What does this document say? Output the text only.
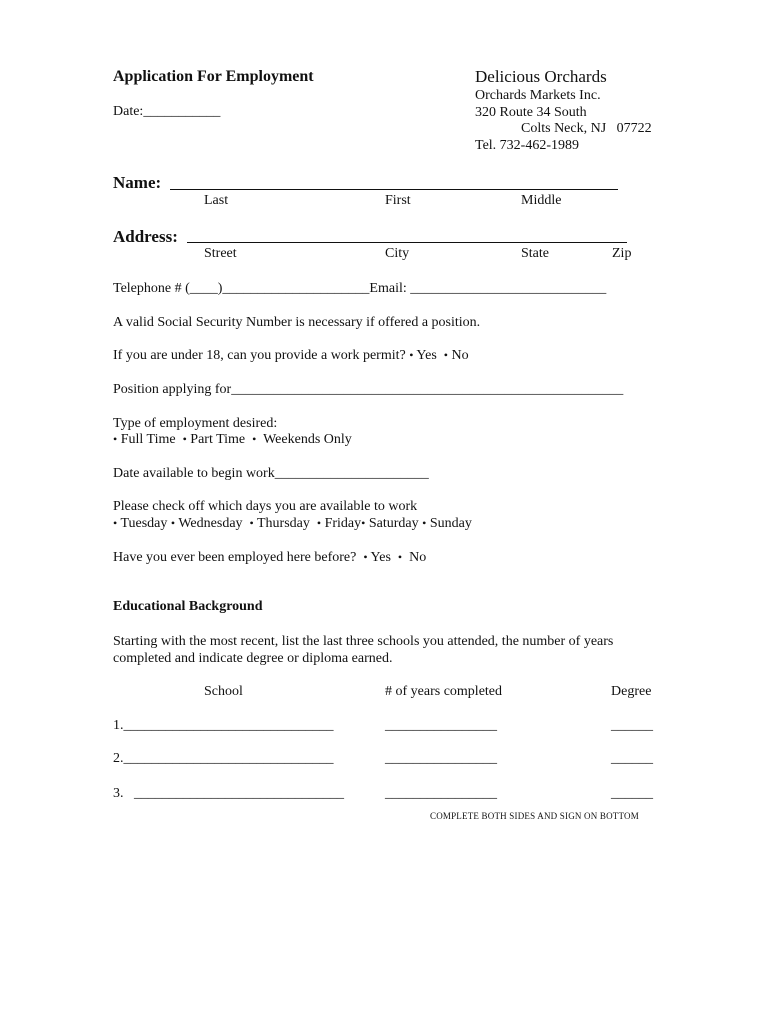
Application For Employment
Date:___________
Delicious Orchards
Orchards Markets Inc.
320 Route 34 South
Colts Neck, NJ   07722
Tel. 732-462-1989
Name:
Last	First	Middle
Address:
Street	City	State	Zip
Telephone # (____)_____________________Email: ____________________________
A valid Social Security Number is necessary if offered a position.
If you are under 18, can you provide a work permit? • Yes • No
Position applying for________________________________________________________
Type of employment desired:
• Full Time • Part Time • Weekends Only
Date available to begin work______________________
Please check off which days you are available to work
• Tuesday • Wednesday • Thursday • Friday• Saturday • Sunday
Have you ever been employed here before? • Yes • No
Educational Background
Starting with the most recent, list the last three schools you attended, the number of years
completed and indicate degree or diploma earned.
School	# of years completed	Degree
1.______________________________	________________	______
2.______________________________	________________	______
3.   ______________________________	________________	______
COMPLETE BOTH SIDES AND SIGN ON BOTTOM
